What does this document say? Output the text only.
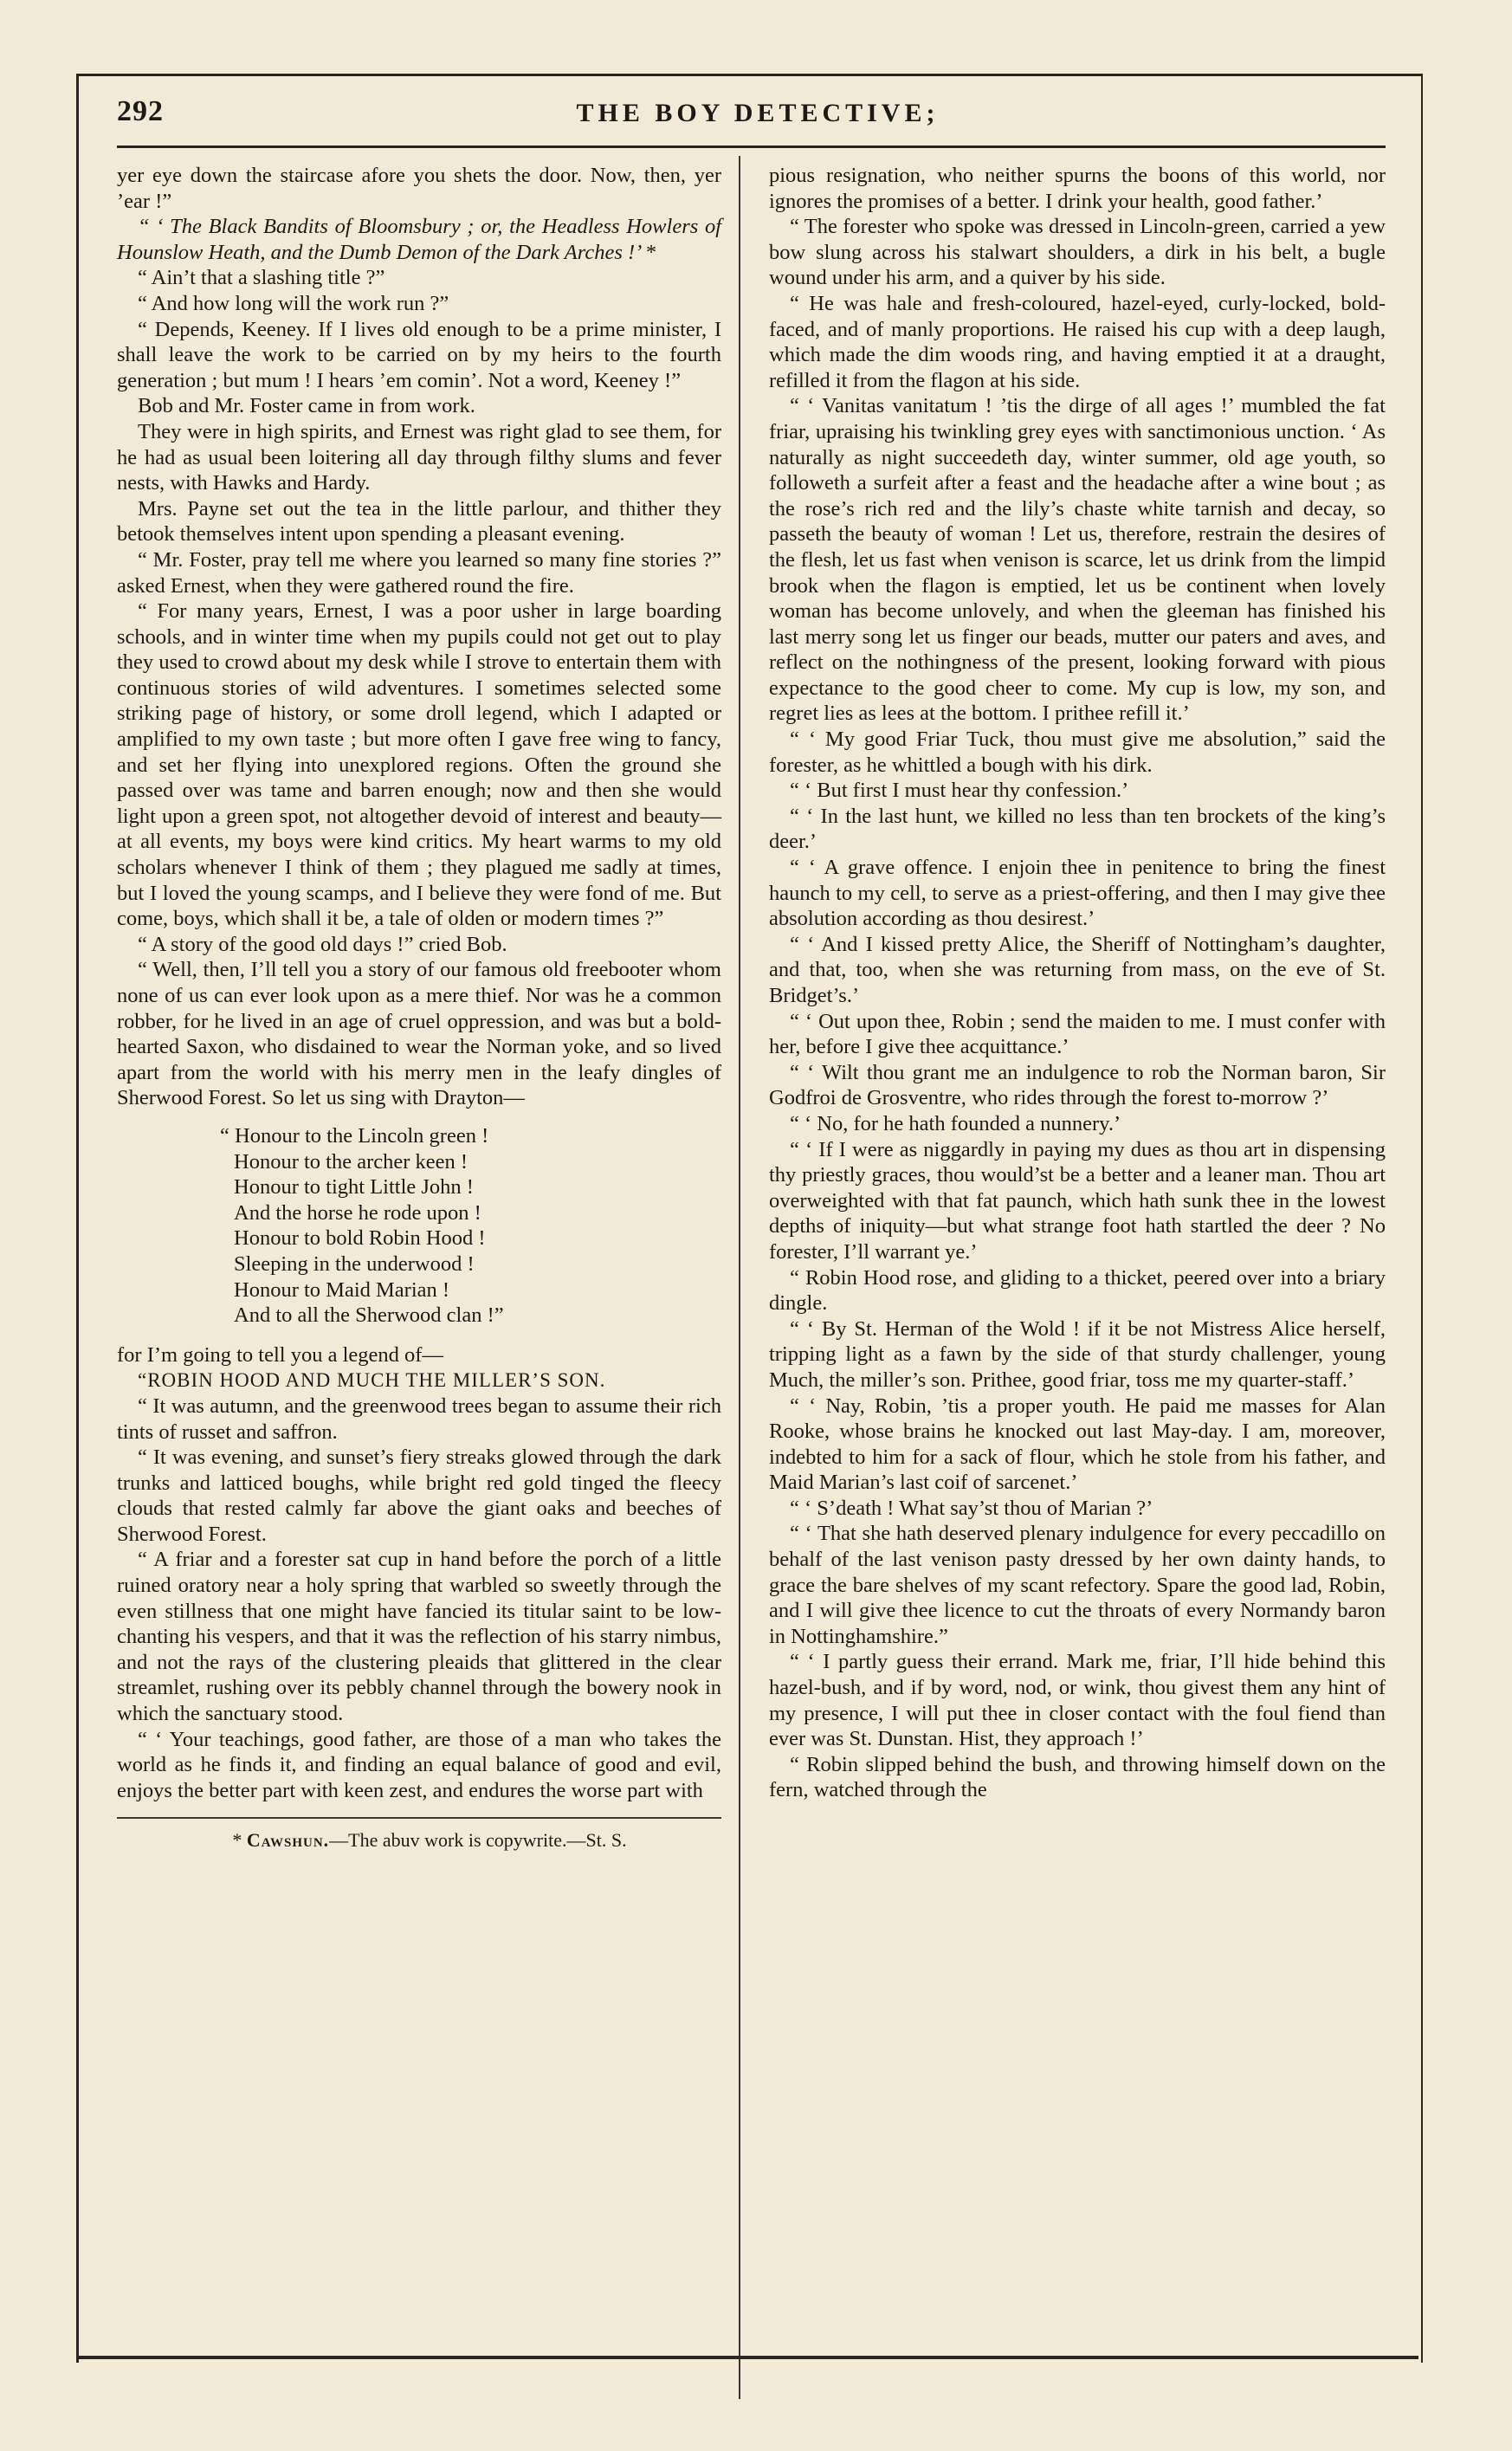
292	THE BOY DETECTIVE;

yer eye down the staircase afore you shets the door. Now, then, yer ’ear !”

“ ‘ The Black Bandits of Bloomsbury ; or, the Headless Howlers of Hounslow Heath, and the Dumb Demon of the Dark Arches !’ *

“ Ain’t that a slashing title ?”

“ And how long will the work run ?”

“ Depends, Keeney. If I lives old enough to be a prime minister, I shall leave the work to be carried on by my heirs to the fourth generation ; but mum ! I hears ’em comin’. Not a word, Keeney !”

Bob and Mr. Foster came in from work.

They were in high spirits, and Ernest was right glad to see them, for he had as usual been loitering all day through filthy slums and fever nests, with Hawks and Hardy.

Mrs. Payne set out the tea in the little parlour, and thither they betook themselves intent upon spending a pleasant evening.

“ Mr. Foster, pray tell me where you learned so many fine stories ?” asked Ernest, when they were gathered round the fire.

“ For many years, Ernest, I was a poor usher in large boarding schools, and in winter time when my pupils could not get out to play they used to crowd about my desk while I strove to entertain them with continuous stories of wild adventures. I sometimes selected some striking page of history, or some droll legend, which I adapted or amplified to my own taste ; but more often I gave free wing to fancy, and set her flying into unexplored regions. Often the ground she passed over was tame and barren enough; now and then she would light upon a green spot, not altogether devoid of interest and beauty—at all events, my boys were kind critics. My heart warms to my old scholars whenever I think of them ; they plagued me sadly at times, but I loved the young scamps, and I believe they were fond of me. But come, boys, which shall it be, a tale of olden or modern times ?”

“ A story of the good old days !” cried Bob.

“ Well, then, I’ll tell you a story of our famous old freebooter whom none of us can ever look upon as a mere thief. Nor was he a common robber, for he lived in an age of cruel oppression, and was but a bold-hearted Saxon, who disdained to wear the Norman yoke, and so lived apart from the world with his merry men in the leafy dingles of Sherwood Forest. So let us sing with Drayton—

“ Honour to the Lincoln green !
Honour to the archer keen !
Honour to tight Little John !
And the horse he rode upon !
Honour to bold Robin Hood !
Sleeping in the underwood !
Honour to Maid Marian !
And to all the Sherwood clan !”

for I’m going to tell you a legend of—

“ROBIN HOOD AND MUCH THE MILLER’S SON.

“ It was autumn, and the greenwood trees began to assume their rich tints of russet and saffron.

“ It was evening, and sunset’s fiery streaks glowed through the dark trunks and latticed boughs, while bright red gold tinged the fleecy clouds that rested calmly far above the giant oaks and beeches of Sherwood Forest.

“ A friar and a forester sat cup in hand before the porch of a little ruined oratory near a holy spring that warbled so sweetly through the even stillness that one might have fancied its titular saint to be low-chanting his vespers, and that it was the reflection of his starry nimbus, and not the rays of the clustering pleaids that glittered in the clear streamlet, rushing over its pebbly channel through the bowery nook in which the sanctuary stood.

“ ‘ Your teachings, good father, are those of a man who takes the world as he finds it, and finding an equal balance of good and evil, enjoys the better part with keen zest, and endures the worse part with

* Cawshun.—The abuv work is copywrite.—St. S.

pious resignation, who neither spurns the boons of this world, nor ignores the promises of a better. I drink your health, good father.’

“ The forester who spoke was dressed in Lincoln-green, carried a yew bow slung across his stalwart shoulders, a dirk in his belt, a bugle wound under his arm, and a quiver by his side.

“ He was hale and fresh-coloured, hazel-eyed, curly-locked, bold-faced, and of manly proportions. He raised his cup with a deep laugh, which made the dim woods ring, and having emptied it at a draught, refilled it from the flagon at his side.

“ ‘ Vanitas vanitatum ! ’tis the dirge of all ages !’ mumbled the fat friar, upraising his twinkling grey eyes with sanctimonious unction. ‘ As naturally as night succeedeth day, winter summer, old age youth, so followeth a surfeit after a feast and the headache after a wine bout ; as the rose’s rich red and the lily’s chaste white tarnish and decay, so passeth the beauty of woman ! Let us, therefore, restrain the desires of the flesh, let us fast when venison is scarce, let us drink from the limpid brook when the flagon is emptied, let us be continent when lovely woman has become unlovely, and when the gleeman has finished his last merry song let us finger our beads, mutter our paters and aves, and reflect on the nothingness of the present, looking forward with pious expectance to the good cheer to come. My cup is low, my son, and regret lies as lees at the bottom. I prithee refill it.’

“ ‘ My good Friar Tuck, thou must give me absolution,” said the forester, as he whittled a bough with his dirk.

“ ‘ But first I must hear thy confession.’

“ ‘ In the last hunt, we killed no less than ten brockets of the king’s deer.’

“ ‘ A grave offence. I enjoin thee in penitence to bring the finest haunch to my cell, to serve as a priest-offering, and then I may give thee absolution according as thou desirest.’

“ ‘ And I kissed pretty Alice, the Sheriff of Nottingham’s daughter, and that, too, when she was returning from mass, on the eve of St. Bridget’s.’

“ ‘ Out upon thee, Robin ; send the maiden to me. I must confer with her, before I give thee acquittance.’

“ ‘ Wilt thou grant me an indulgence to rob the Norman baron, Sir Godfroi de Grosventre, who rides through the forest to-morrow ?’

“ ‘ No, for he hath founded a nunnery.’

“ ‘ If I were as niggardly in paying my dues as thou art in dispensing thy priestly graces, thou would’st be a better and a leaner man. Thou art overweighted with that fat paunch, which hath sunk thee in the lowest depths of iniquity—but what strange foot hath startled the deer ? No forester, I’ll warrant ye.’

“ Robin Hood rose, and gliding to a thicket, peered over into a briary dingle.

“ ‘ By St. Herman of the Wold ! if it be not Mistress Alice herself, tripping light as a fawn by the side of that sturdy challenger, young Much, the miller’s son. Prithee, good friar, toss me my quarter-staff.’

“ ‘ Nay, Robin, ’tis a proper youth. He paid me masses for Alan Rooke, whose brains he knocked out last May-day. I am, moreover, indebted to him for a sack of flour, which he stole from his father, and Maid Marian’s last coif of sarcenet.’

“ ‘ S’death ! What say’st thou of Marian ?’

“ ‘ That she hath deserved plenary indulgence for every peccadillo on behalf of the last venison pasty dressed by her own dainty hands, to grace the bare shelves of my scant refectory. Spare the good lad, Robin, and I will give thee licence to cut the throats of every Normandy baron in Nottinghamshire.”

“ ‘ I partly guess their errand. Mark me, friar, I’ll hide behind this hazel-bush, and if by word, nod, or wink, thou givest them any hint of my presence, I will put thee in closer contact with the foul fiend than ever was St. Dunstan. Hist, they approach !’

“ Robin slipped behind the bush, and throwing himself down on the fern, watched through the
